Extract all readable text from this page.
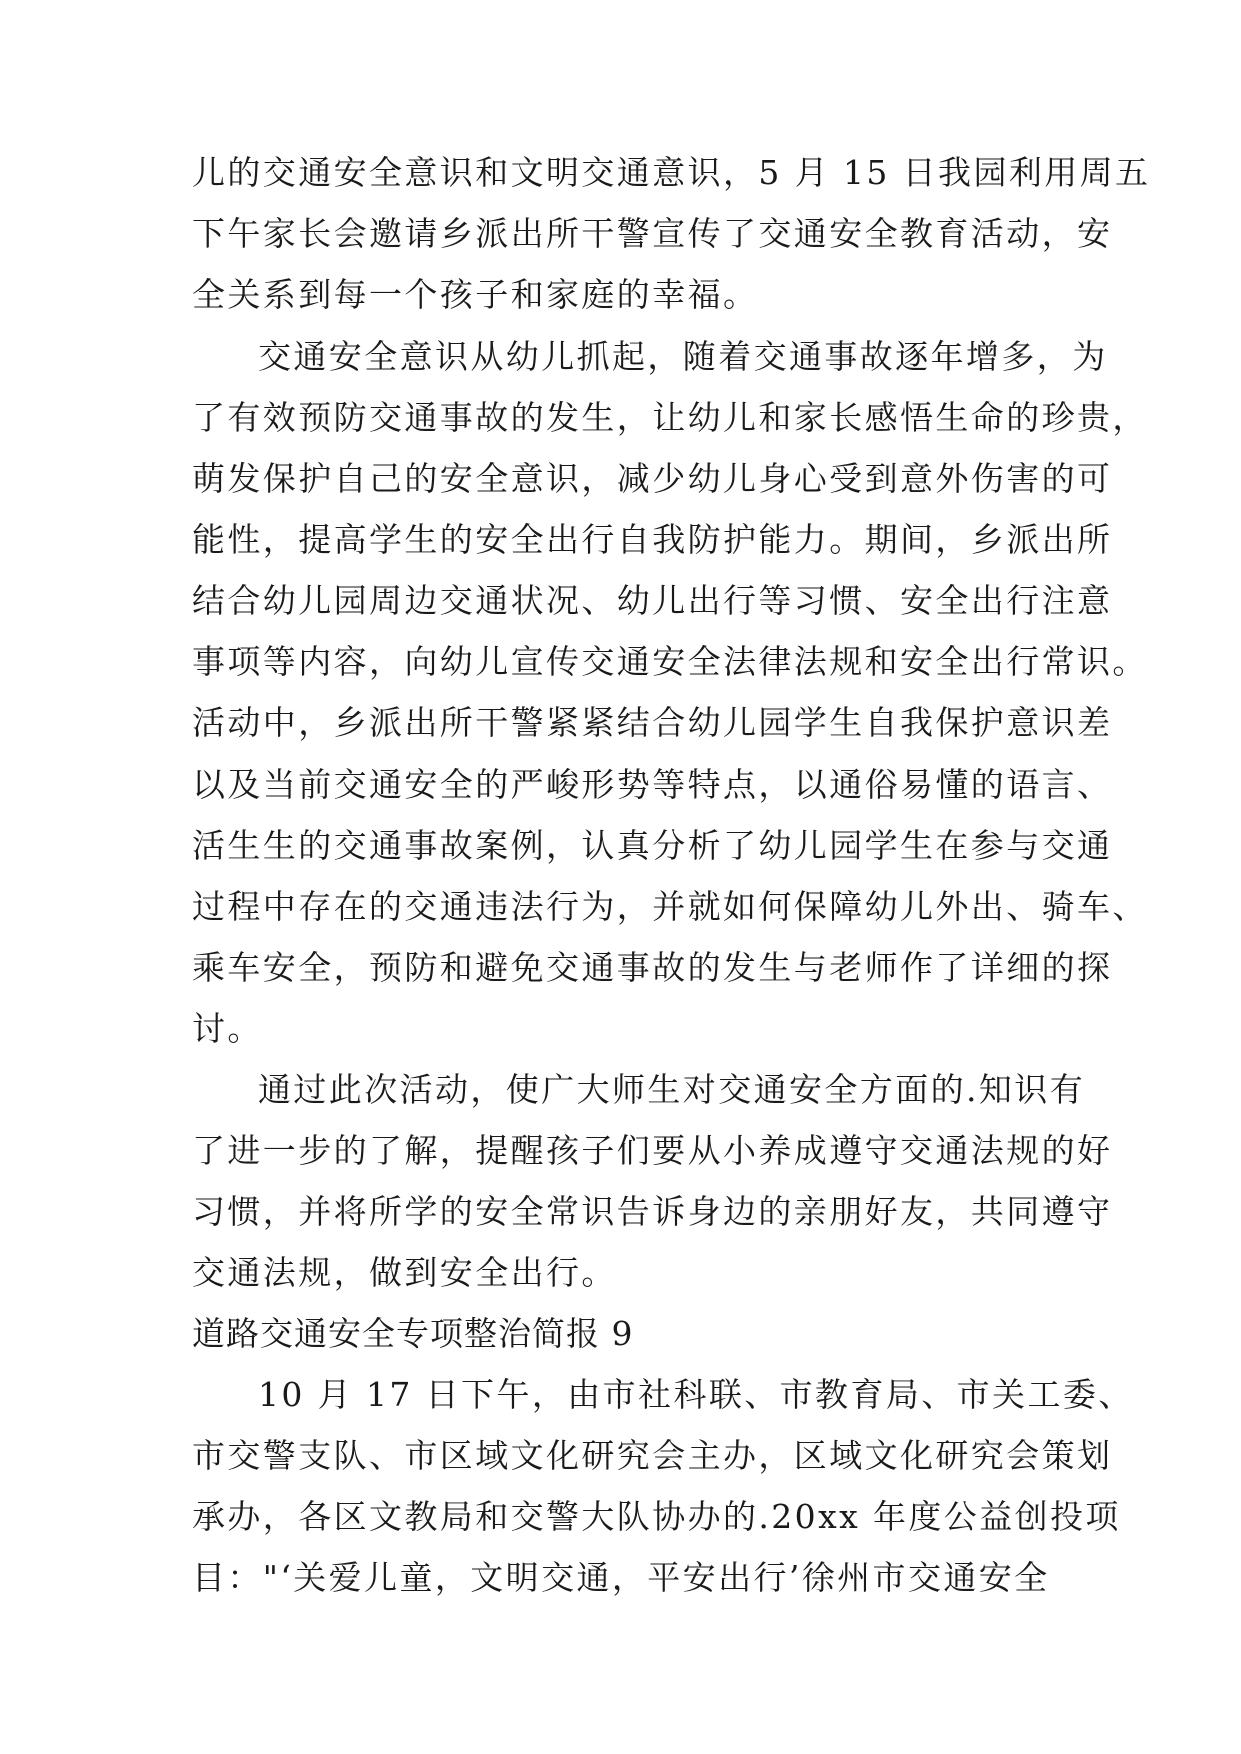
儿的交通安全意识和文明交通意识，5 月 15 日我园利用周五

下午家长会邀请乡派出所干警宣传了交通安全教育活动，安

全关系到每一个孩子和家庭的幸福。

交通安全意识从幼儿抓起，随着交通事故逐年增多，为

了有效预防交通事故的发生，让幼儿和家长感悟生命的珍贵，

萌发保护自己的安全意识，减少幼儿身心受到意外伤害的可

能性，提高学生的安全出行自我防护能力。期间，乡派出所

结合幼儿园周边交通状况、幼儿出行等习惯、安全出行注意

事项等内容，向幼儿宣传交通安全法律法规和安全出行常识。

活动中，乡派出所干警紧紧结合幼儿园学生自我保护意识差

以及当前交通安全的严峻形势等特点，以通俗易懂的语言、

活生生的交通事故案例，认真分析了幼儿园学生在参与交通

过程中存在的交通违法行为，并就如何保障幼儿外出、骑车、

乘车安全，预防和避免交通事故的发生与老师作了详细的探

讨。

通过此次活动，使广大师生对交通安全方面的.知识有

了进一步的了解，提醒孩子们要从小养成遵守交通法规的好

习惯，并将所学的安全常识告诉身边的亲朋好友，共同遵守

交通法规，做到安全出行。

道路交通安全专项整治简报 9

10 月 17 日下午，由市社科联、市教育局、市关工委、

市交警支队、市区域文化研究会主办，区域文化研究会策划

承办，各区文教局和交警大队协办的.20xx 年度公益创投项

目："‘关爱儿童，文明交通，平安出行’徐州市交通安全
